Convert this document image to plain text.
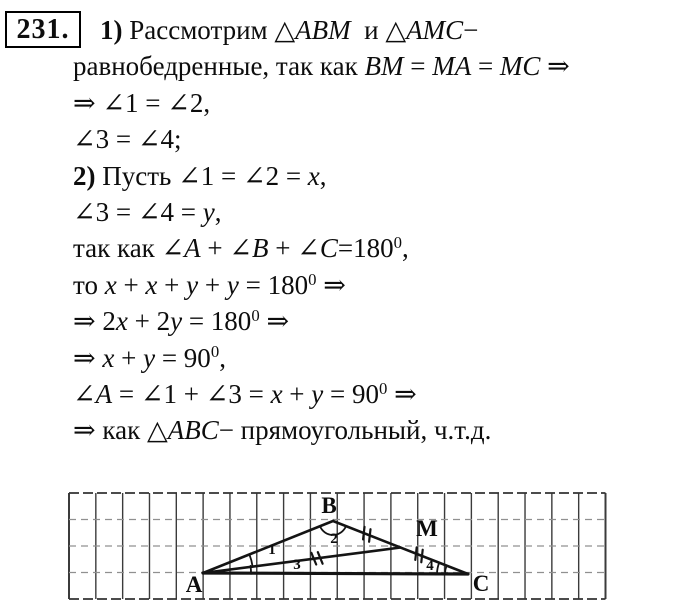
231.	1) Рассмотрим △ABM  и △AMC−
равнобедренные, так как BM = MA = MC ⇒
⇒ ∠1 = ∠2,
∠3 = ∠4;
2) Пусть ∠1 = ∠2 = x,
∠3 = ∠4 = y,
так как ∠A + ∠B + $\angle C=180^0$,
то $x + x + y + y = 180^0$ ⇒
⇒ $2x + 2y = 180^0$ ⇒
⇒ $x + y = 90^0$,
∠A = ∠1 + ∠3 = $x + y = 90^0$ ⇒
⇒ как △ABC− прямоугольный, ч.т.д.
A
B
C
M
1
2
3	4
